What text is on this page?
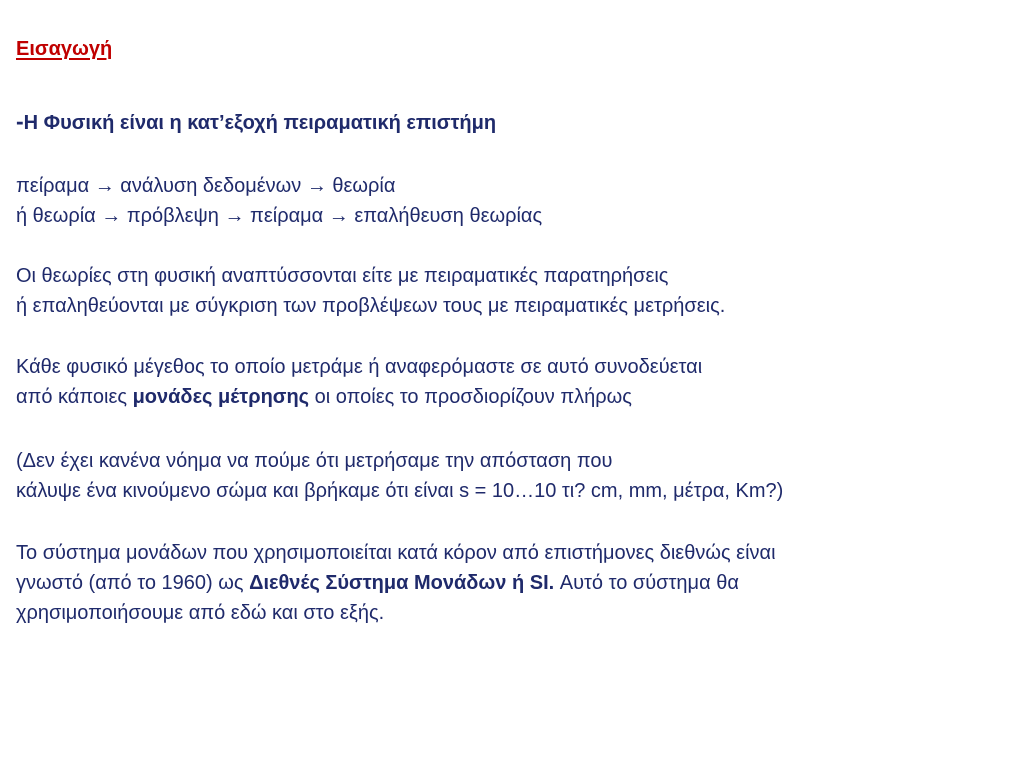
Εισαγωγή
-Η Φυσική είναι η κατ’εξοχή πειραματική επιστήμη
πείραμα → ανάλυση δεδομένων → θεωρία
ή θεωρία → πρόβλεψη → πείραμα → επαλήθευση θεωρίας
Οι θεωρίες στη φυσική αναπτύσσονται είτε με πειραματικές παρατηρήσεις
ή επαληθεύονται με σύγκριση των προβλέψεων τους με πειραματικές μετρήσεις.
Κάθε φυσικό μέγεθος το οποίο μετράμε ή αναφερόμαστε σε αυτό συνοδεύεται
από κάποιες μονάδες μέτρησης οι οποίες το προσδιορίζουν πλήρως
(Δεν έχει κανένα νόημα να πούμε ότι μετρήσαμε την απόσταση που
κάλυψε ένα κινούμενο σώμα και βρήκαμε ότι είναι s = 10…10 τι? cm, mm, μέτρα, Km?)
Το σύστημα μονάδων που χρησιμοποιείται κατά κόρον από επιστήμονες διεθνώς είναι
γνωστό (από το 1960) ως Διεθνές Σύστημα Μονάδων ή SI. Αυτό το σύστημα θα
χρησιμοποιήσουμε από εδώ και στο εξής.
